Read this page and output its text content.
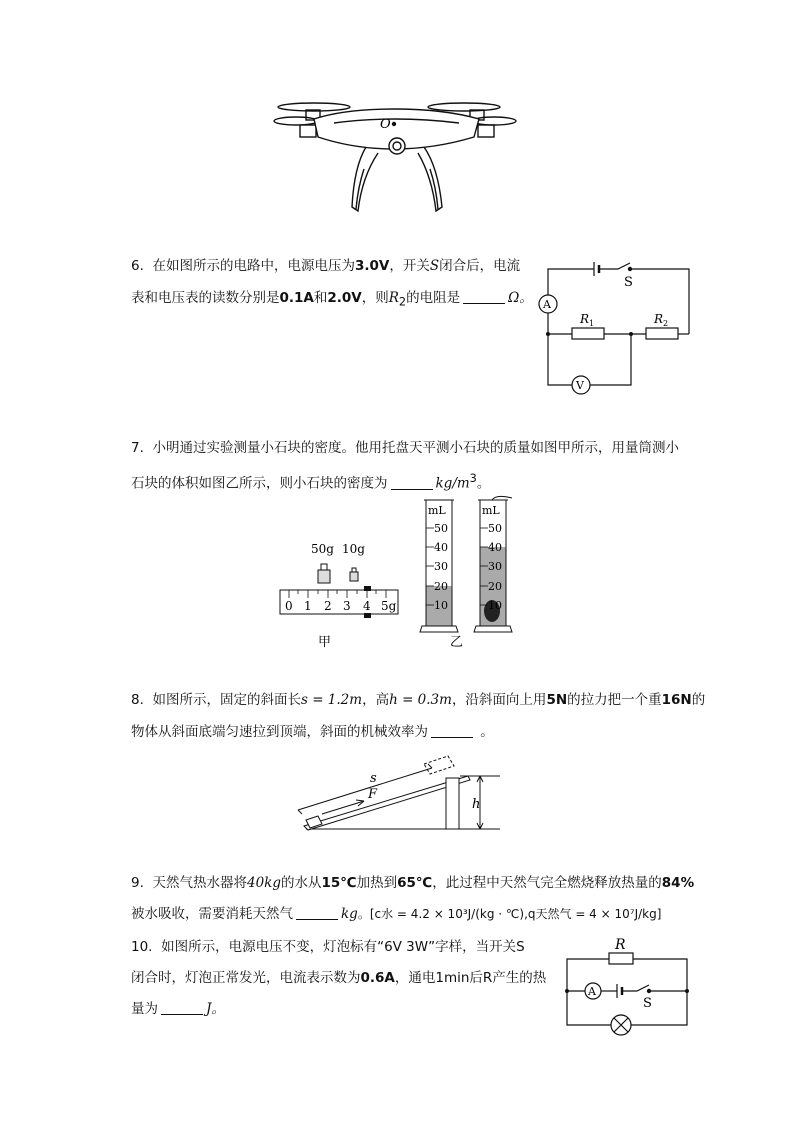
O
6. 在如图所示的电路中，电源电压为3.0V，开关S闭合后，电流
表和电压表的读数分别是0.1A和2.0V，则$R_2$的电阻是	Ω。
S
A
V
$R_1$	$R_2$
7. 小明通过实验测量小石块的密度。他用托盘天平测小石块的质量如图甲所示，用量筒测小
石块的体积如图乙所示，则小石块的密度为	$kg/m^3$。
50g 10g
0 1 2 3 4 5g
甲
mL
50
40
30
20
10
mL
50
40
30
20
10
乙
8. 如图所示，固定的斜面长s = 1.2m，高h = 0.3m，沿斜面向上用5N的拉力把一个重16N的
物体从斜面底端匀速拉到顶端，斜面的机械效率为	。
s
F
h
9. 天然气热水器将40kg的水从15℃加热到65℃，此过程中天然气完全燃烧释放热量的84%
被水吸收，需要消耗天然气	kg。[c水 = 4.2 × 10³J/(kg · ℃),q天然气 = 4 × 10⁷J/kg]
10. 如图所示，电源电压不变，灯泡标有“6V 3W”字样，当开关S
闭合时，灯泡正常发光，电流表示数为0.6A，通电1min后R产生的热
量为	J。
R
A
S
